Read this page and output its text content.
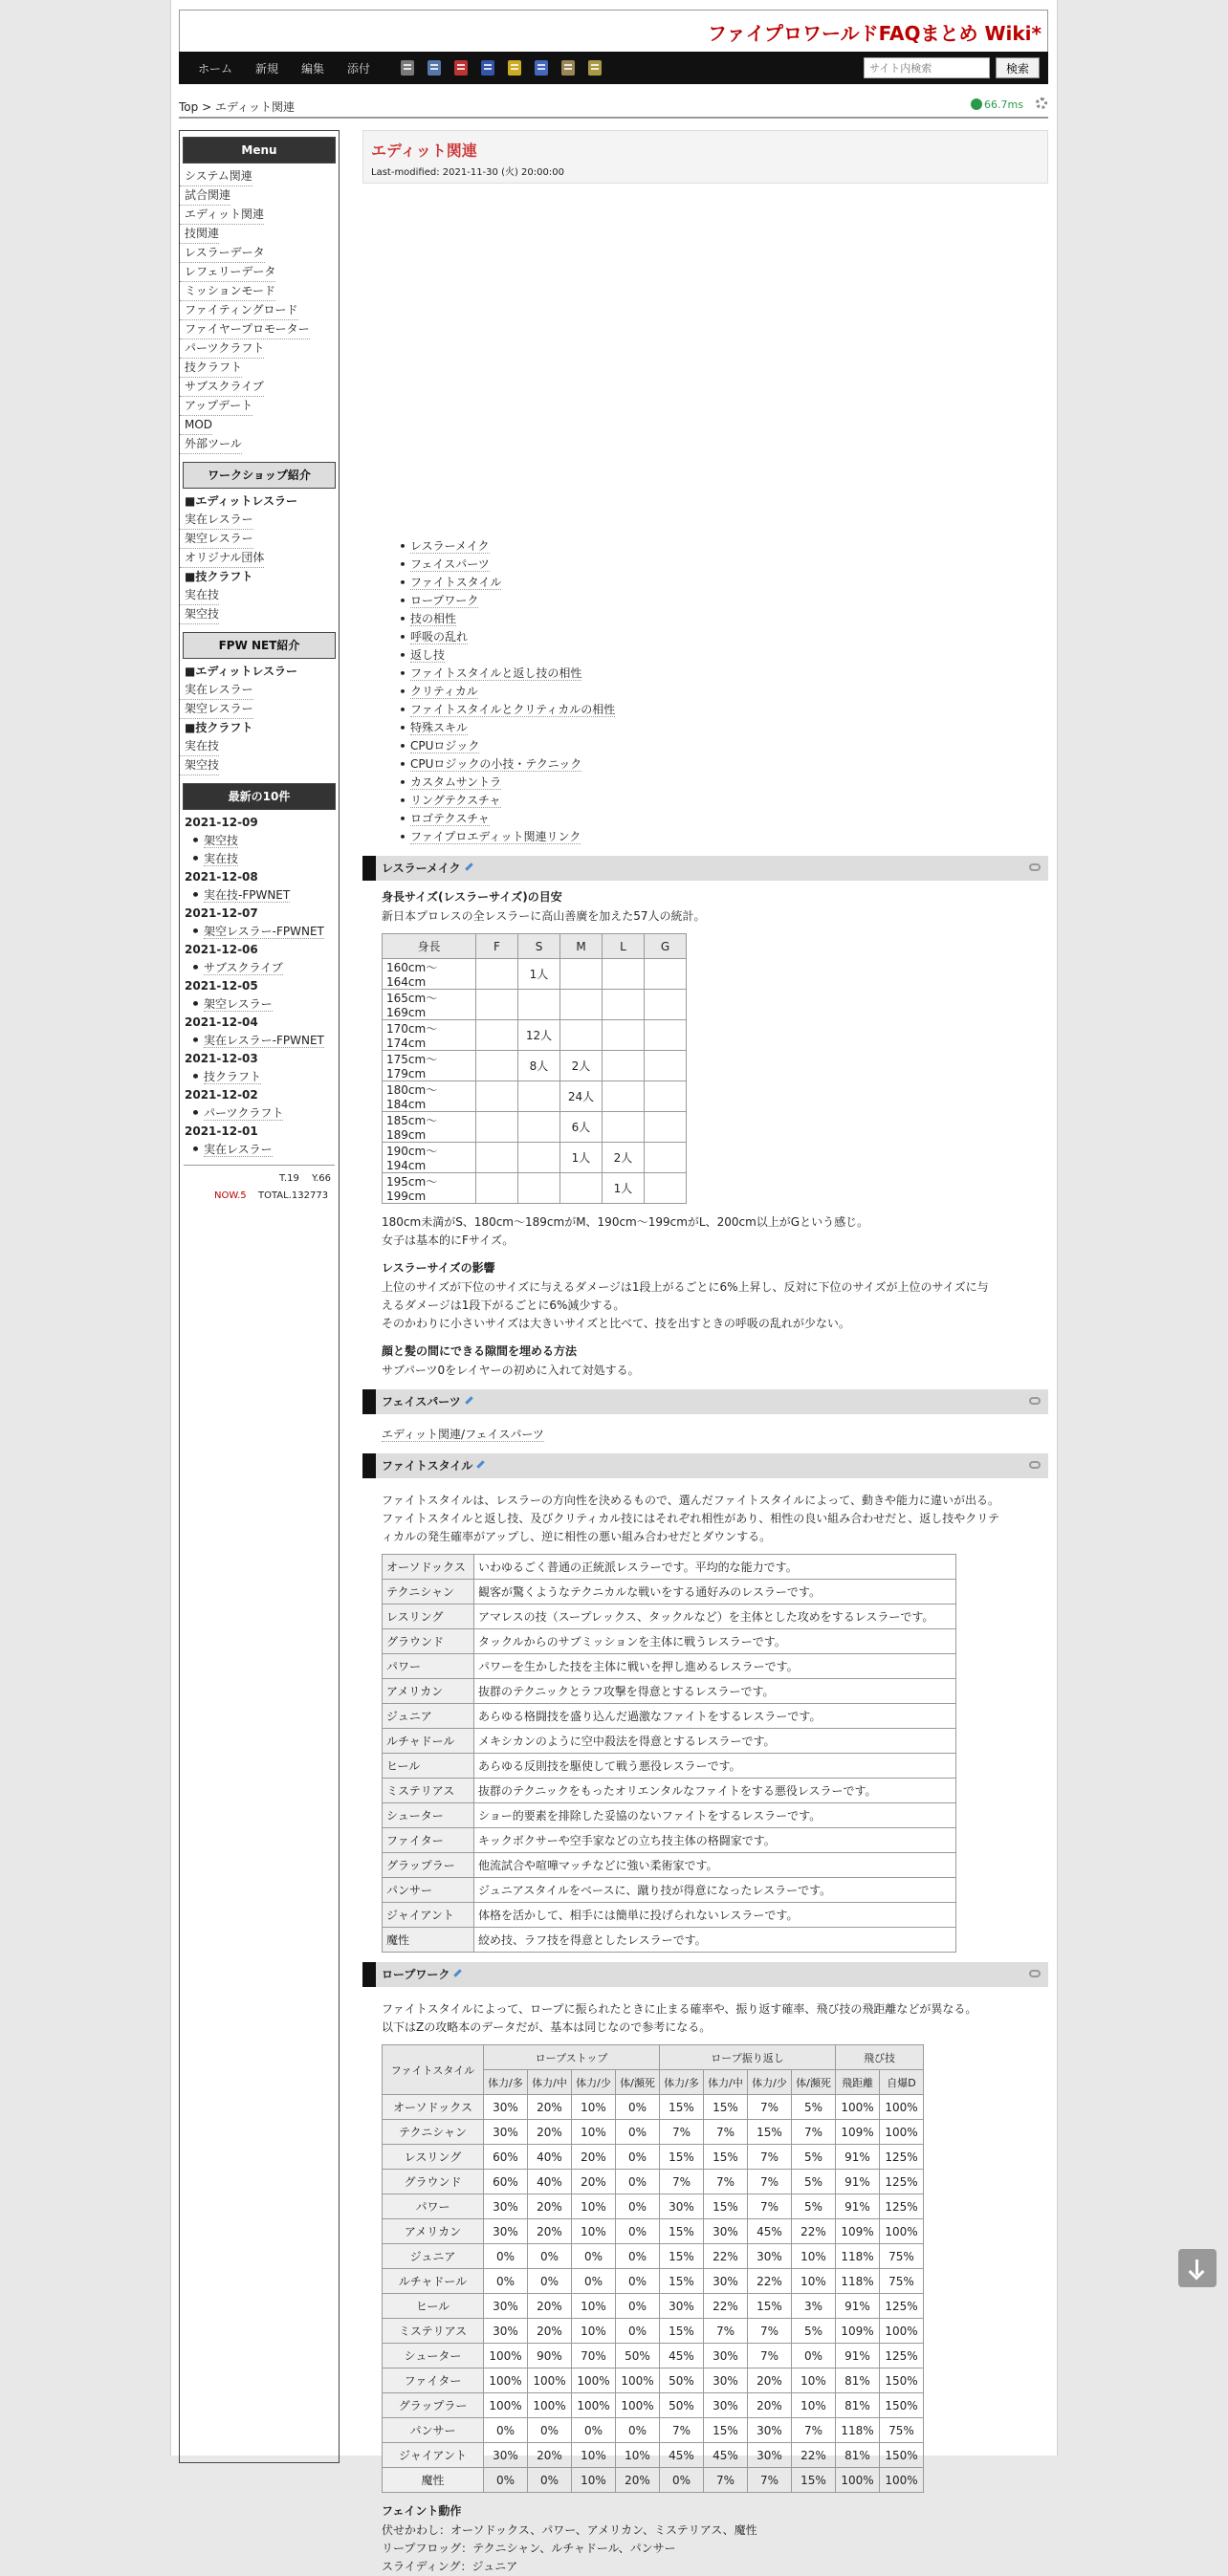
ファイプロワールドFAQまとめ Wiki*
ホーム 新規 編集 添付
サイト内検索	検索
Top > エディット関連	66.7ms
Menu
システム関連
試合関連
エディット関連
技関連
レスラーデータ
レフェリーデータ
ミッションモード
ファイティングロード
ファイヤープロモーター
パーツクラフト
技クラフト
サブスクライブ
アップデート
MOD
外部ツール
ワークショップ紹介
■エディットレスラー
実在レスラー
架空レスラー
オリジナル団体
■技クラフト
実在技
架空技
FPW NET紹介
■エディットレスラー
実在レスラー
架空レスラー
■技クラフト
実在技
架空技
最新の10件
2021-12-09
架空技
実在技
2021-12-08
実在技-FPWNET
2021-12-07
架空レスラー-FPWNET
2021-12-06
サブスクライブ
2021-12-05
架空レスラー
2021-12-04
実在レスラー-FPWNET
2021-12-03
技クラフト
2021-12-02
パーツクラフト
2021-12-01
実在レスラー
T.19 Y.66
NOW.5 TOTAL.132773
エディット関連
Last-modified: 2021-11-30 (火) 20:00:00
レスラーメイク
フェイスパーツ
ファイトスタイル
ロープワーク
技の相性
呼吸の乱れ
返し技
ファイトスタイルと返し技の相性
クリティカル
ファイトスタイルとクリティカルの相性
特殊スキル
CPUロジック
CPUロジックの小技・テクニック
カスタムサントラ
リングテクスチャ
ロゴテクスチャ
ファイプロエディット関連リンク
レスラーメイク
身長サイズ(レスラーサイズ)の目安
新日本プロレスの全レスラーに高山善廣を加えた57人の統計。
身長	F	S	M	L	G
160cm～164cm		1人			
165cm～169cm					
170cm～174cm		12人			
175cm～179cm		8人	2人		
180cm～184cm			24人		
185cm～189cm			6人		
190cm～194cm			1人	2人	
195cm～199cm				1人	
180cm未満がS、180cm～189cmがM、190cm～199cmがL、200cm以上がGという感じ。
女子は基本的にFサイズ。
レスラーサイズの影響
上位のサイズが下位のサイズに与えるダメージは1段上がるごとに6%上昇し、反対に下位のサイズが上位のサイズに与
えるダメージは1段下がるごとに6%減少する。
そのかわりに小さいサイズは大きいサイズと比べて、技を出すときの呼吸の乱れが少ない。
顔と髪の間にできる隙間を埋める方法
サブパーツ0をレイヤーの初めに入れて対処する。
フェイスパーツ
エディット関連/フェイスパーツ
ファイトスタイル
ファイトスタイルは、レスラーの方向性を決めるもので、選んだファイトスタイルによって、動きや能力に違いが出る。
ファイトスタイルと返し技、及びクリティカル技にはそれぞれ相性があり、相性の良い組み合わせだと、返し技やクリテ
ィカルの発生確率がアップし、逆に相性の悪い組み合わせだとダウンする。
オーソドックス	いわゆるごく普通の正統派レスラーです。平均的な能力です。
テクニシャン	観客が驚くようなテクニカルな戦いをする通好みのレスラーです。
レスリング	アマレスの技（スープレックス、タックルなど）を主体とした攻めをするレスラーです。
グラウンド	タックルからのサブミッションを主体に戦うレスラーです。
パワー	パワーを生かした技を主体に戦いを押し進めるレスラーです。
アメリカン	抜群のテクニックとラフ攻撃を得意とするレスラーです。
ジュニア	あらゆる格闘技を盛り込んだ過激なファイトをするレスラーです。
ルチャドール	メキシカンのように空中殺法を得意とするレスラーです。
ヒール	あらゆる反則技を駆使して戦う悪役レスラーです。
ミステリアス	抜群のテクニックをもったオリエンタルなファイトをする悪役レスラーです。
シューター	ショー的要素を排除した妥協のないファイトをするレスラーです。
ファイター	キックボクサーや空手家などの立ち技主体の格闘家です。
グラップラー	他流試合や喧嘩マッチなどに強い柔術家です。
パンサー	ジュニアスタイルをベースに、蹴り技が得意になったレスラーです。
ジャイアント	体格を活かして、相手には簡単に投げられないレスラーです。
魔性	絞め技、ラフ技を得意としたレスラーです。
ロープワーク
ファイトスタイルによって、ロープに振られたときに止まる確率や、振り返す確率、飛び技の飛距離などが異なる。
以下はZの攻略本のデータだが、基本は同じなので参考になる。
ファイトスタイル	ロープストップ				ロープ振り返し				飛び技	
	体力/多	体力/中	体力/少	体/瀕死	体力/多	体力/中	体力/少	体/瀕死	飛距離	自爆D
オーソドックス	30%	20%	10%	0%	15%	15%	7%	5%	100%	100%
テクニシャン	30%	20%	10%	0%	7%	7%	15%	7%	109%	100%
レスリング	60%	40%	20%	0%	15%	15%	7%	5%	91%	125%
グラウンド	60%	40%	20%	0%	7%	7%	7%	5%	91%	125%
パワー	30%	20%	10%	0%	30%	15%	7%	5%	91%	125%
アメリカン	30%	20%	10%	0%	15%	30%	45%	22%	109%	100%
ジュニア	0%	0%	0%	0%	15%	22%	30%	10%	118%	75%
ルチャドール	0%	0%	0%	0%	15%	30%	22%	10%	118%	75%
ヒール	30%	20%	10%	0%	30%	22%	15%	3%	91%	125%
ミステリアス	30%	20%	10%	0%	15%	7%	7%	5%	109%	100%
シューター	100%	90%	70%	50%	45%	30%	7%	0%	91%	125%
ファイター	100%	100%	100%	100%	50%	30%	20%	10%	81%	150%
グラップラー	100%	100%	100%	100%	50%	30%	20%	10%	81%	150%
パンサー	0%	0%	0%	0%	7%	15%	30%	7%	118%	75%
ジャイアント	30%	20%	10%	10%	45%	45%	30%	22%	81%	150%
魔性	0%	0%	10%	20%	0%	7%	7%	15%	100%	100%
フェイント動作
伏せかわし：オーソドックス、パワー、アメリカン、ミステリアス、魔性
リープフロッグ：テクニシャン、ルチャドール、パンサー
スライディング：ジュニア
